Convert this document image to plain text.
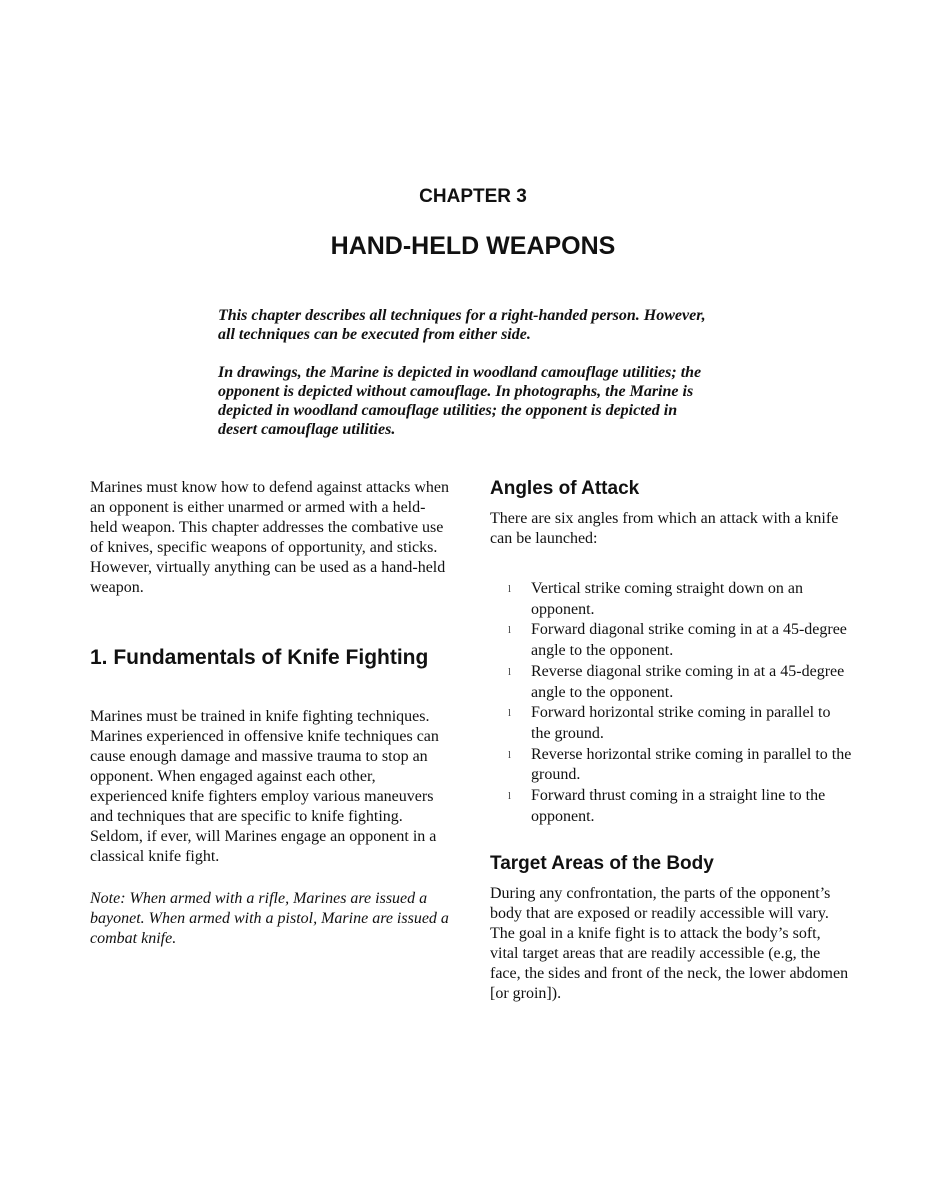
CHAPTER 3
HAND-HELD WEAPONS

This chapter describes all techniques for a right-handed person. However, all techniques can be executed from either side.

In drawings, the Marine is depicted in woodland camouflage utilities; the opponent is depicted without camouflage. In photographs, the Marine is depicted in woodland camouflage utilities; the opponent is depicted in desert camouflage utilities.

Marines must know how to defend against attacks when an opponent is either unarmed or armed with a held-held weapon. This chapter addresses the combative use of knives, specific weapons of opportunity, and sticks. However, virtually anything can be used as a hand-held weapon.

1. Fundamentals of Knife Fighting

Marines must be trained in knife fighting techniques. Marines experienced in offensive knife techniques can cause enough damage and massive trauma to stop an opponent. When engaged against each other, experienced knife fighters employ various maneuvers and techniques that are specific to knife fighting. Seldom, if ever, will Marines engage an opponent in a classical knife fight.

Note: When armed with a rifle, Marines are issued a bayonet. When armed with a pistol, Marine are issued a combat knife.

Angles of Attack

There are six angles from which an attack with a knife can be launched:

l Vertical strike coming straight down on an opponent.
l Forward diagonal strike coming in at a 45-degree angle to the opponent.
l Reverse diagonal strike coming in at a 45-degree angle to the opponent.
l Forward horizontal strike coming in parallel to the ground.
l Reverse horizontal strike coming in parallel to the ground.
l Forward thrust coming in a straight line to the opponent.
Target Areas of the Body

During any confrontation, the parts of the opponent’s body that are exposed or readily accessible will vary. The goal in a knife fight is to attack the body’s soft, vital target areas that are readily accessible (e.g, the face, the sides and front of the neck, the lower abdomen [or groin]).
